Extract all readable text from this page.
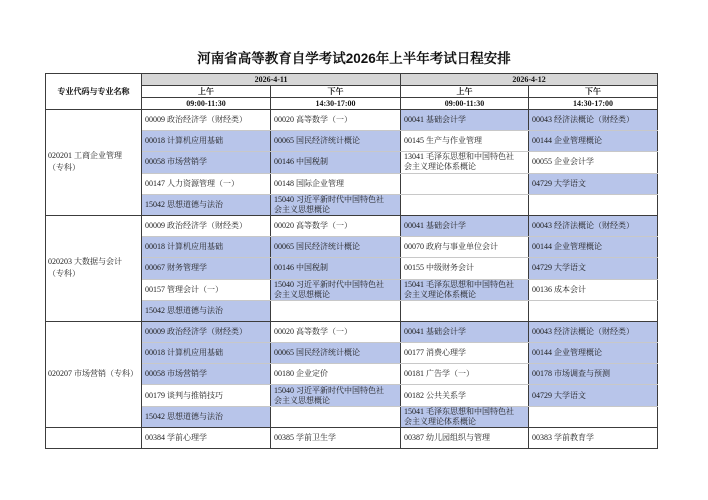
河南省高等教育自学考试2026年上半年考试日程安排
专业代码与专业名称	2026-4-11		2026-4-12	
	上午	下午	上午	下午
	09:00-11:30	14:30-17:00	09:00-11:30	14:30-17:00
020201 工商企业管理（专科）	00009 政治经济学（财经类）	00020 高等数学（一）	00041 基础会计学	00043 经济法概论（财经类）
	00018 计算机应用基础	00065 国民经济统计概论	00145 生产与作业管理	00144 企业管理概论
	00058 市场营销学	00146 中国税制	13041 毛泽东思想和中国特色社会主义理论体系概论	00055 企业会计学
	00147 人力资源管理（一）	00148 国际企业管理		04729 大学语文
	15042 思想道德与法治	15040 习近平新时代中国特色社会主义思想概论		
020203 大数据与会计（专科）	00009 政治经济学（财经类）	00020 高等数学（一）	00041 基础会计学	00043 经济法概论（财经类）
	00018 计算机应用基础	00065 国民经济统计概论	00070 政府与事业单位会计	00144 企业管理概论
	00067 财务管理学	00146 中国税制	00155 中级财务会计	04729 大学语文
	00157 管理会计（一）	15040 习近平新时代中国特色社会主义思想概论	15041 毛泽东思想和中国特色社会主义理论体系概论	00136 成本会计
	15042 思想道德与法治			
020207 市场营销（专科）	00009 政治经济学（财经类）	00020 高等数学（一）	00041 基础会计学	00043 经济法概论（财经类）
	00018 计算机应用基础	00065 国民经济统计概论	00177 消费心理学	00144 企业管理概论
	00058 市场营销学	00180 企业定价	00181 广告学（一）	00178 市场调查与预测
	00179 谈判与推销技巧	15040 习近平新时代中国特色社会主义思想概论	00182 公共关系学	04729 大学语文
	15042 思想道德与法治		15041 毛泽东思想和中国特色社会主义理论体系概论	
	00384 学前心理学	00385 学前卫生学	00387 幼儿园组织与管理	00383 学前教育学
